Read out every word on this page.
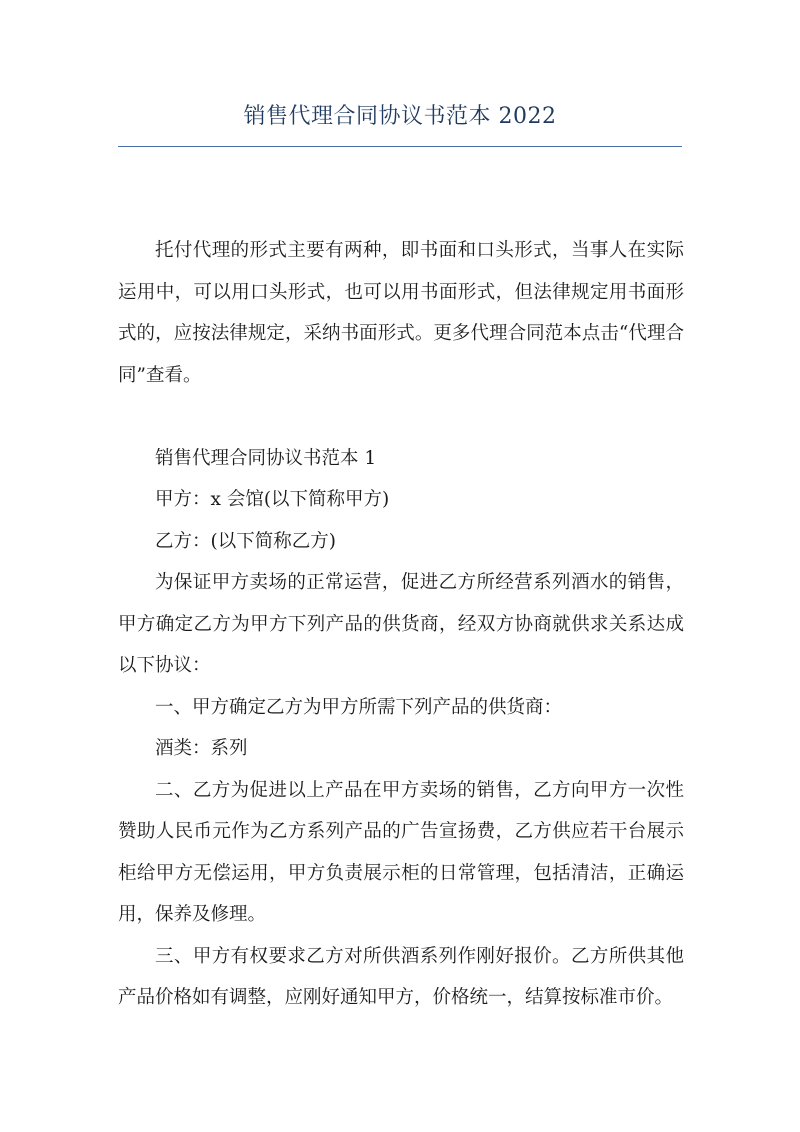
销售代理合同协议书范本 2022

托付代理的形式主要有两种，即书面和口头形式，当事人在实际运用中，可以用口头形式，也可以用书面形式，但法律规定用书面形式的，应按法律规定，采纳书面形式。更多代理合同范本点击“代理合同”查看。

销售代理合同协议书范本 1

甲方：x 会馆(以下简称甲方)

乙方：(以下简称乙方)

为保证甲方卖场的正常运营，促进乙方所经营系列酒水的销售，甲方确定乙方为甲方下列产品的供货商，经双方协商就供求关系达成以下协议：

一、甲方确定乙方为甲方所需下列产品的供货商：

酒类：系列

二、乙方为促进以上产品在甲方卖场的销售，乙方向甲方一次性赞助人民币元作为乙方系列产品的广告宣扬费，乙方供应若干台展示柜给甲方无偿运用，甲方负责展示柜的日常管理，包括清洁，正确运用，保养及修理。

三、甲方有权要求乙方对所供酒系列作刚好报价。乙方所供其他产品价格如有调整，应刚好通知甲方，价格统一，结算按标准市价。
